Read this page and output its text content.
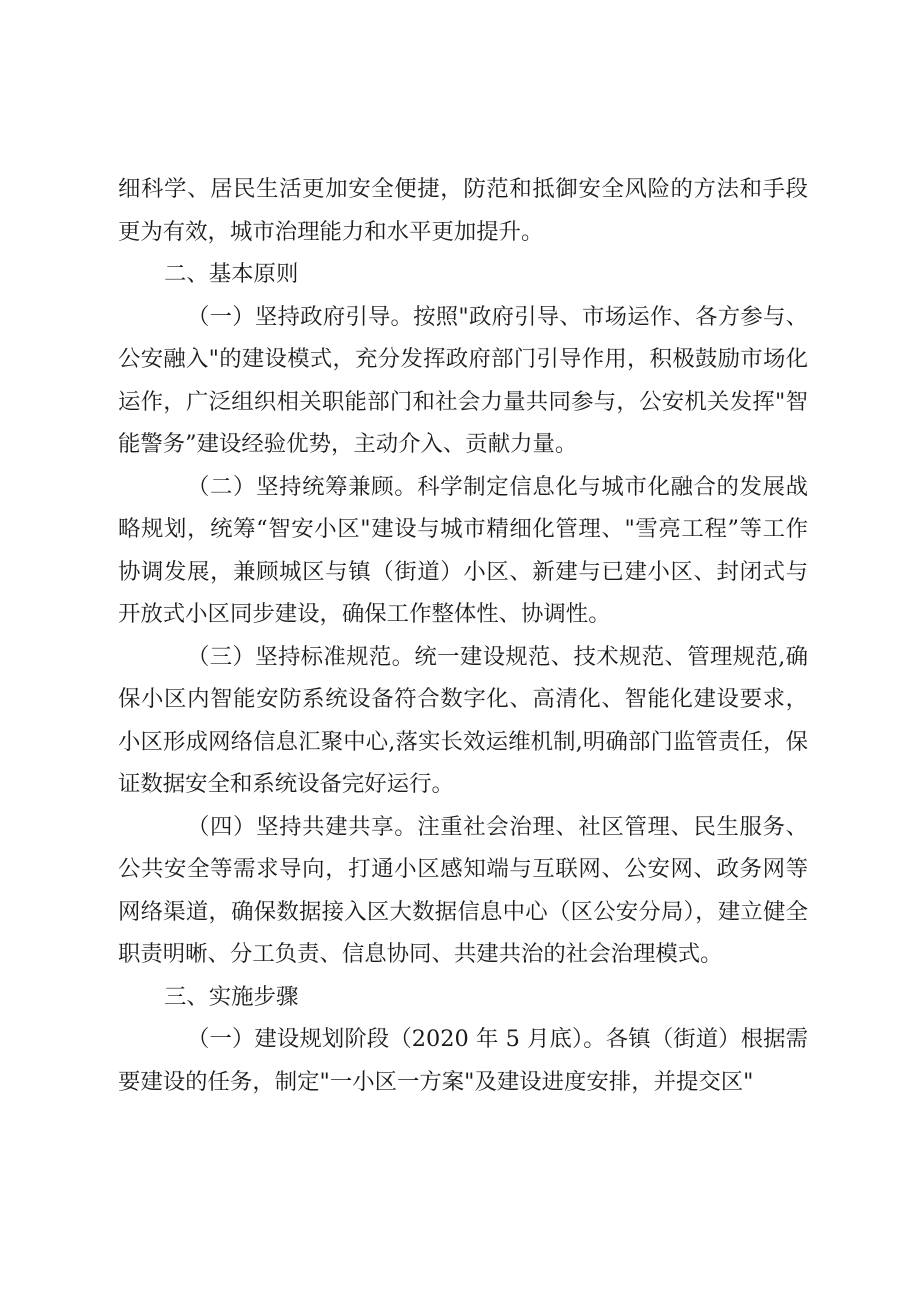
细科学、居民生活更加安全便捷，防范和抵御安全风险的方法和手段更为有效，城市治理能力和水平更加提升。

二、基本原则

（一）坚持政府引导。按照"政府引导、市场运作、各方参与、公安融入"的建设模式，充分发挥政府部门引导作用，积极鼓励市场化运作，广泛组织相关职能部门和社会力量共同参与，公安机关发挥"智能警务”建设经验优势，主动介入、贡献力量。

（二）坚持统筹兼顾。科学制定信息化与城市化融合的发展战略规划，统筹“智安小区"建设与城市精细化管理、"雪亮工程”等工作协调发展，兼顾城区与镇（街道）小区、新建与已建小区、封闭式与开放式小区同步建设，确保工作整体性、协调性。

（三）坚持标准规范。统一建设规范、技术规范、管理规范,确保小区内智能安防系统设备符合数字化、高清化、智能化建设要求，小区形成网络信息汇聚中心,落实长效运维机制,明确部门监管责任，保证数据安全和系统设备完好运行。

（四）坚持共建共享。注重社会治理、社区管理、民生服务、公共安全等需求导向，打通小区感知端与互联网、公安网、政务网等网络渠道，确保数据接入区大数据信息中心（区公安分局），建立健全职责明晰、分工负责、信息协同、共建共治的社会治理模式。

三、实施步骤

（一）建设规划阶段（2020 年 5 月底）。各镇（街道）根据需要建设的任务，制定"一小区一方案"及建设进度安排，并提交区"
